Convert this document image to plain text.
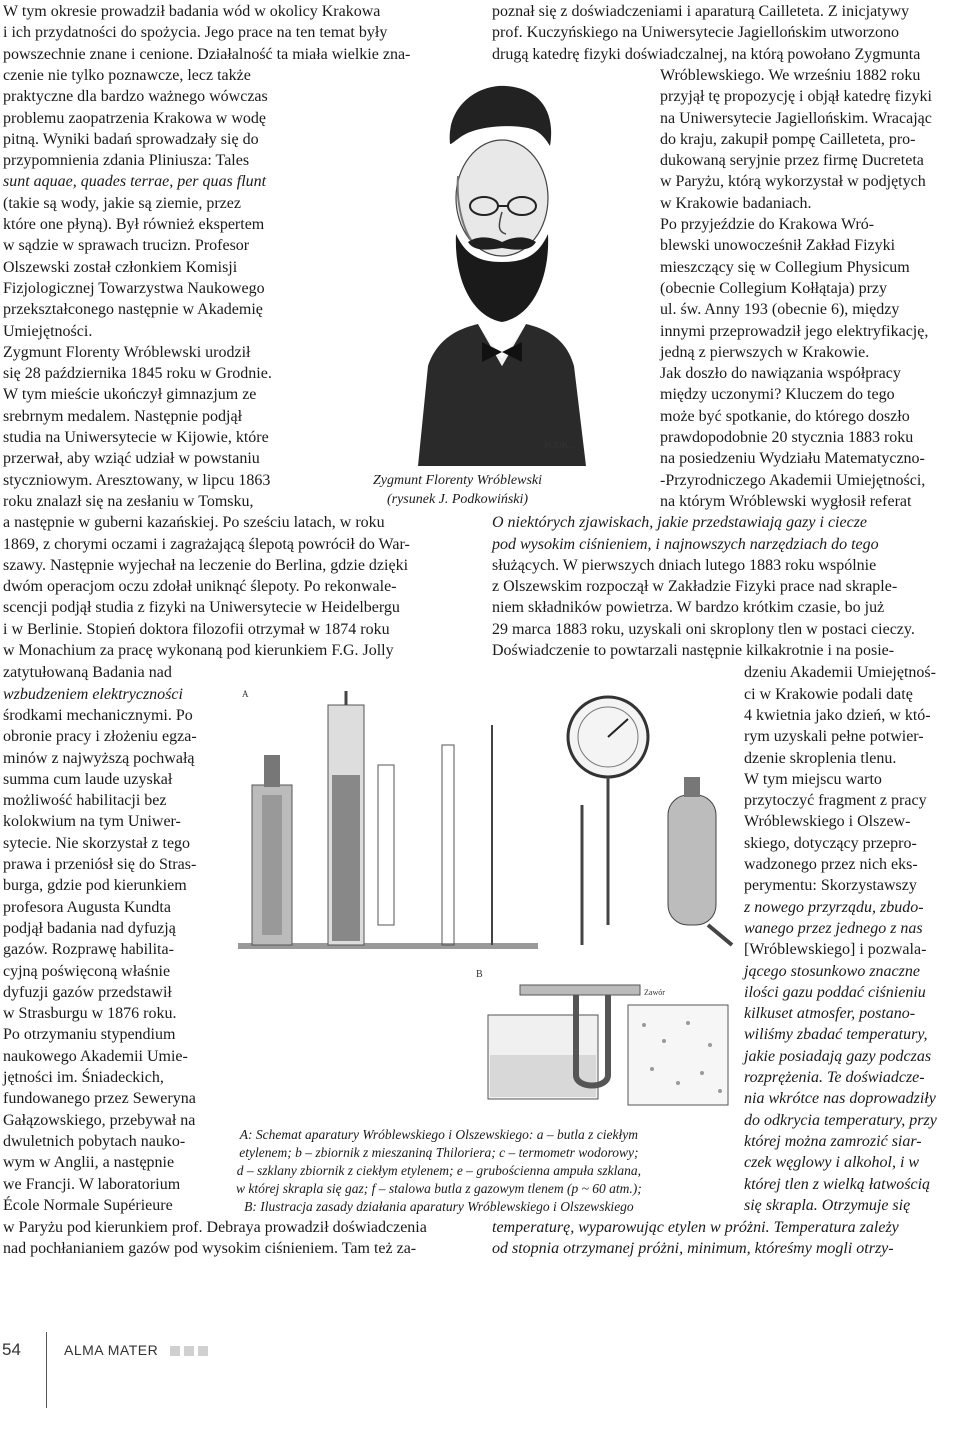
W tym okresie prowadził badania wód w okolicy Krakowa
i ich przydatności do spożycia. Jego prace na ten temat były
powszechnie znane i cenione. Działalność ta miała wielkie zna-
czenie nie tylko poznawcze, lecz także
praktyczne dla bardzo ważnego wówczas
problemu zaopatrzenia Krakowa w wodę
pitną. Wyniki badań sprowadzały się do
przypomnienia zdania Pliniusza: Tales
sunt aquae, quades terrae, per quas flunt
(takie są wody, jakie są ziemie, przez
które one płyną). Był również ekspertem
w sądzie w sprawach trucizn. Profesor
Olszewski został członkiem Komisji
Fizjologicznej Towarzystwa Naukowego
przekształconego następnie w Akademię
Umiejętności.
Zygmunt Florenty Wróblewski urodził
się 28 października 1845 roku w Grodnie.
W tym mieście ukończył gimnazjum ze
srebrnym medalem. Następnie podjął
studia na Uniwersytecie w Kijowie, które
przerwał, aby wziąć udział w powstaniu
styczniowym. Aresztowany, w lipcu 1863
roku znalazł się na zesłaniu w Tomsku,
a następnie w guberni kazańskiej. Po sześciu latach, w roku
1869, z chorymi oczami i zagrażającą ślepotą powrócił do War-
szawy. Następnie wyjechał na leczenie do Berlina, gdzie dzięki
dwóm operacjom oczu zdołał uniknąć ślepoty. Po rekonwale-
scencji podjął studia z fizyki na Uniwersytecie w Heidelbergu
i w Berlinie. Stopień doktora filozofii otrzymał w 1874 roku
w Monachium za pracę wykonaną pod kierunkiem F.G. Jolly
zatytułowaną Badania nad
wzbudzeniem elektryczności
środkami mechanicznymi. Po
obronie pracy i złożeniu egza-
minów z najwyższą pochwałą
summa cum laude uzyskał
możliwość habilitacji bez
kolokwium na tym Uniwer-
sytecie. Nie skorzystał z tego
prawa i przeniósł się do Stras-
burga, gdzie pod kierunkiem
profesora Augusta Kundta
podjął badania nad dyfuzją
gazów. Rozprawę habilita-
cyjną poświęconą właśnie
dyfuzji gazów przedstawił
w Strasburgu w 1876 roku.
Po otrzymaniu stypendium
naukowego Akademii Umie-
jętności im. Śniadeckich,
fundowanego przez Seweryna
Gałązowskiego, przebywał na
dwuletnich pobytach nauko-
wym w Anglii, a następnie
we Francji. W laboratorium
École Normale Supérieure
w Paryżu pod kierunkiem prof. Debraya prowadził doświadczenia
nad pochłanianiem gazów pod wysokim ciśnieniem. Tam też za-
poznał się z doświadczeniami i aparaturą Cailleteta. Z inicjatywy
prof. Kuczyńskiego na Uniwersytecie Jagiellońskim utworzono
drugą katedrę fizyki doświadczalnej, na którą powołano Zygmunta
Wróblewskiego. We wrześniu 1882 roku
przyjął tę propozycję i objął katedrę fizyki
na Uniwersytecie Jagiellońskim. Wracając
do kraju, zakupił pompę Cailleteta, pro-
dukowaną seryjnie przez firmę Ducreteta
w Paryżu, którą wykorzystał w podjętych
w Krakowie badaniach.
Po przyjeździe do Krakowa Wró-
blewski unowocześnił Zakład Fizyki
mieszczący się w Collegium Physicum
(obecnie Collegium Kołłątaja) przy
ul. św. Anny 193 (obecnie 6), między
innymi przeprowadził jego elektryfikację,
jedną z pierwszych w Krakowie.
Jak doszło do nawiązania współpracy
między uczonymi? Kluczem do tego
może być spotkanie, do którego doszło
prawdopodobnie 20 stycznia 1883 roku
na posiedzeniu Wydziału Matematyczno-
-Przyrodniczego Akademii Umiejętności,
na którym Wróblewski wygłosił referat
O niektórych zjawiskach, jakie przedstawiają gazy i ciecze
pod wysokim ciśnieniem, i najnowszych narzędziach do tego
służących. W pierwszych dniach lutego 1883 roku wspólnie
z Olszewskim rozpoczął w Zakładzie Fizyki prace nad skraple-
niem składników powietrza. W bardzo krótkim czasie, bo już
29 marca 1883 roku, uzyskali oni skroplony tlen w postaci cieczy.
Doświadczenie to powtarzali następnie kilkakrotnie i na posie-
dzeniu Akademii Umiejętnoś-
ci w Krakowie podali datę
4 kwietnia jako dzień, w któ-
rym uzyskali pełne potwier-
dzenie skroplenia tlenu.
W tym miejscu warto
przytoczyć fragment z pracy
Wróblewskiego i Olszew-
skiego, dotyczący przepro-
wadzonego przez nich eks-
perymentu: Skorzystawszy
z nowego przyrządu, zbudo-
wanego przez jednego z nas
[Wróblewskiego] i pozwala-
jącego stosunkowo znaczne
ilości gazu poddać ciśnieniu
kilkuset atmosfer, postano-
wiliśmy zbadać temperatury,
jakie posiadają gazy podczas
rozprężenia. Te doświadcze-
nia wkrótce nas doprowadziły
do odkrycia temperatury, przy
której można zamrozić siar-
czek węglowy i alkohol, i w
której tlen z wielką łatwością
się skrapla. Otrzymuje się
temperaturę, wyparowując etylen w próżni. Temperatura zależy
od stopnia otrzymanej próżni, minimum, któreśmy mogli otrzy-
PODK...
Zygmunt Florenty Wróblewski
(rysunek J. Podkowiński)
A
B
Zawór
A: Schemat aparatury Wróblewskiego i Olszewskiego: a – butla z ciekłym
etylenem; b – zbiornik z mieszaniną Thiloriera; c – termometr wodorowy;
d – szklany zbiornik z ciekłym etylenem; e – grubościenna ampuła szklana,
w której skrapla się gaz; f – stalowa butla z gazowym tlenem (p ~ 60 atm.);
B: Ilustracja zasady działania aparatury Wróblewskiego i Olszewskiego
54	ALMA MATER
